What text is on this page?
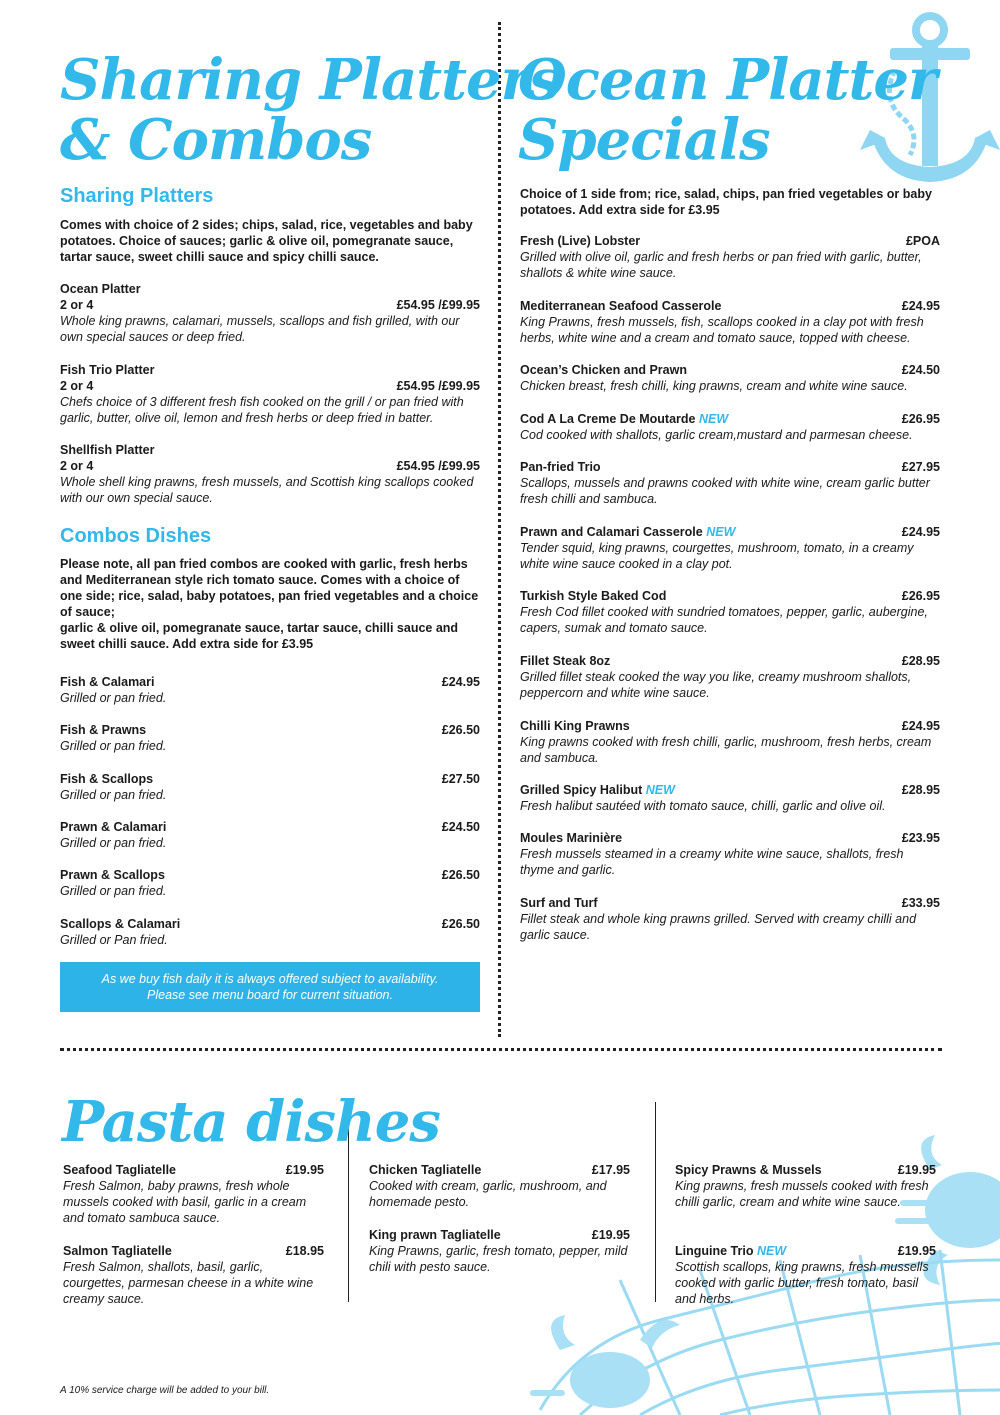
Sharing Platters
& Combos
Sharing Platters
Comes with choice of 2 sides; chips, salad, rice, vegetables and baby potatoes. Choice of sauces; garlic & olive oil, pomegranate sauce, tartar sauce, sweet chilli sauce and spicy chilli sauce.
Ocean Platter
2 or 4	£54.95 /£99.95
Whole king prawns, calamari, mussels, scallops and fish grilled, with our own special sauces or deep fried.
Fish Trio Platter
2 or 4	£54.95 /£99.95
Chefs choice of 3 different fresh fish cooked on the grill / or pan fried with garlic, butter, olive oil, lemon and fresh herbs or deep fried in batter.
Shellfish Platter
2 or 4	£54.95 /£99.95
Whole shell king prawns, fresh mussels, and Scottish king scallops cooked with our own special sauce.
Combos Dishes
Please note, all pan fried combos are cooked with garlic, fresh herbs and Mediterranean style rich tomato sauce. Comes with a choice of one side; rice, salad, baby potatoes, pan fried vegetables and a choice of sauce;
garlic & olive oil, pomegranate sauce, tartar sauce, chilli sauce and sweet chilli sauce. Add extra side for £3.95
Fish & Calamari	£24.95
Grilled or pan fried.
Fish & Prawns	£26.50
Grilled or pan fried.
Fish & Scallops	£27.50
Grilled or pan fried.
Prawn & Calamari	£24.50
Grilled or pan fried.
Prawn & Scallops	£26.50
Grilled or pan fried.
Scallops & Calamari	£26.50
Grilled or Pan fried.
As we buy fish daily it is always offered subject to availability.
Please see menu board for current situation.
Ocean Platter
Specials
Choice of 1 side from; rice, salad, chips, pan fried vegetables or baby potatoes. Add extra side for £3.95
Fresh (Live) Lobster	£POA
Grilled with olive oil, garlic and fresh herbs or pan fried with garlic, butter, shallots & white wine sauce.
Mediterranean Seafood Casserole	£24.95
King Prawns, fresh mussels, fish, scallops cooked in a clay pot with fresh herbs, white wine and a cream and tomato sauce, topped with cheese.
Ocean’s Chicken and Prawn	£24.50
Chicken breast, fresh chilli, king prawns, cream and white wine sauce.
Cod A La Creme De Moutarde NEW	£26.95
Cod cooked with shallots, garlic cream,mustard and parmesan cheese.
Pan-fried Trio	£27.95
Scallops, mussels and prawns cooked with white wine, cream garlic butter fresh chilli and sambuca.
Prawn and Calamari Casserole NEW	£24.95
Tender squid, king prawns, courgettes, mushroom, tomato, in a creamy white wine sauce cooked in a clay pot.
Turkish Style Baked Cod	£26.95
Fresh Cod fillet cooked with sundried tomatoes, pepper, garlic, aubergine, capers, sumak and tomato sauce.
Fillet Steak 8oz	£28.95
Grilled fillet steak cooked the way you like, creamy mushroom shallots, peppercorn and white wine sauce.
Chilli King Prawns	£24.95
King prawns cooked with fresh chilli, garlic, mushroom, fresh herbs, cream and sambuca.
Grilled Spicy Halibut NEW	£28.95
Fresh halibut sautéed with tomato sauce, chilli, garlic and olive oil.
Moules Marinière	£23.95
Fresh mussels steamed in a creamy white wine sauce, shallots, fresh thyme and garlic.
Surf and Turf	£33.95
Fillet steak and whole king prawns grilled. Served with creamy chilli and garlic sauce.
Pasta dishes
Seafood Tagliatelle	£19.95
Fresh Salmon, baby prawns, fresh whole mussels cooked with basil, garlic in a cream and tomato sambuca sauce.
Salmon Tagliatelle	£18.95
Fresh Salmon, shallots, basil, garlic, courgettes, parmesan cheese in a white wine creamy sauce.
Chicken Tagliatelle	£17.95
Cooked with cream, garlic, mushroom, and homemade pesto.
King prawn Tagliatelle	£19.95
King Prawns, garlic, fresh tomato, pepper, mild chili with pesto sauce.
Spicy Prawns & Mussels	£19.95
King prawns, fresh mussels cooked with fresh chilli garlic, cream and white wine sauce.
Linguine Trio NEW	£19.95
Scottish scallops, king prawns, fresh mussells cooked with garlic butter, fresh tomato, basil and herbs.
A 10% service charge will be added to your bill.
